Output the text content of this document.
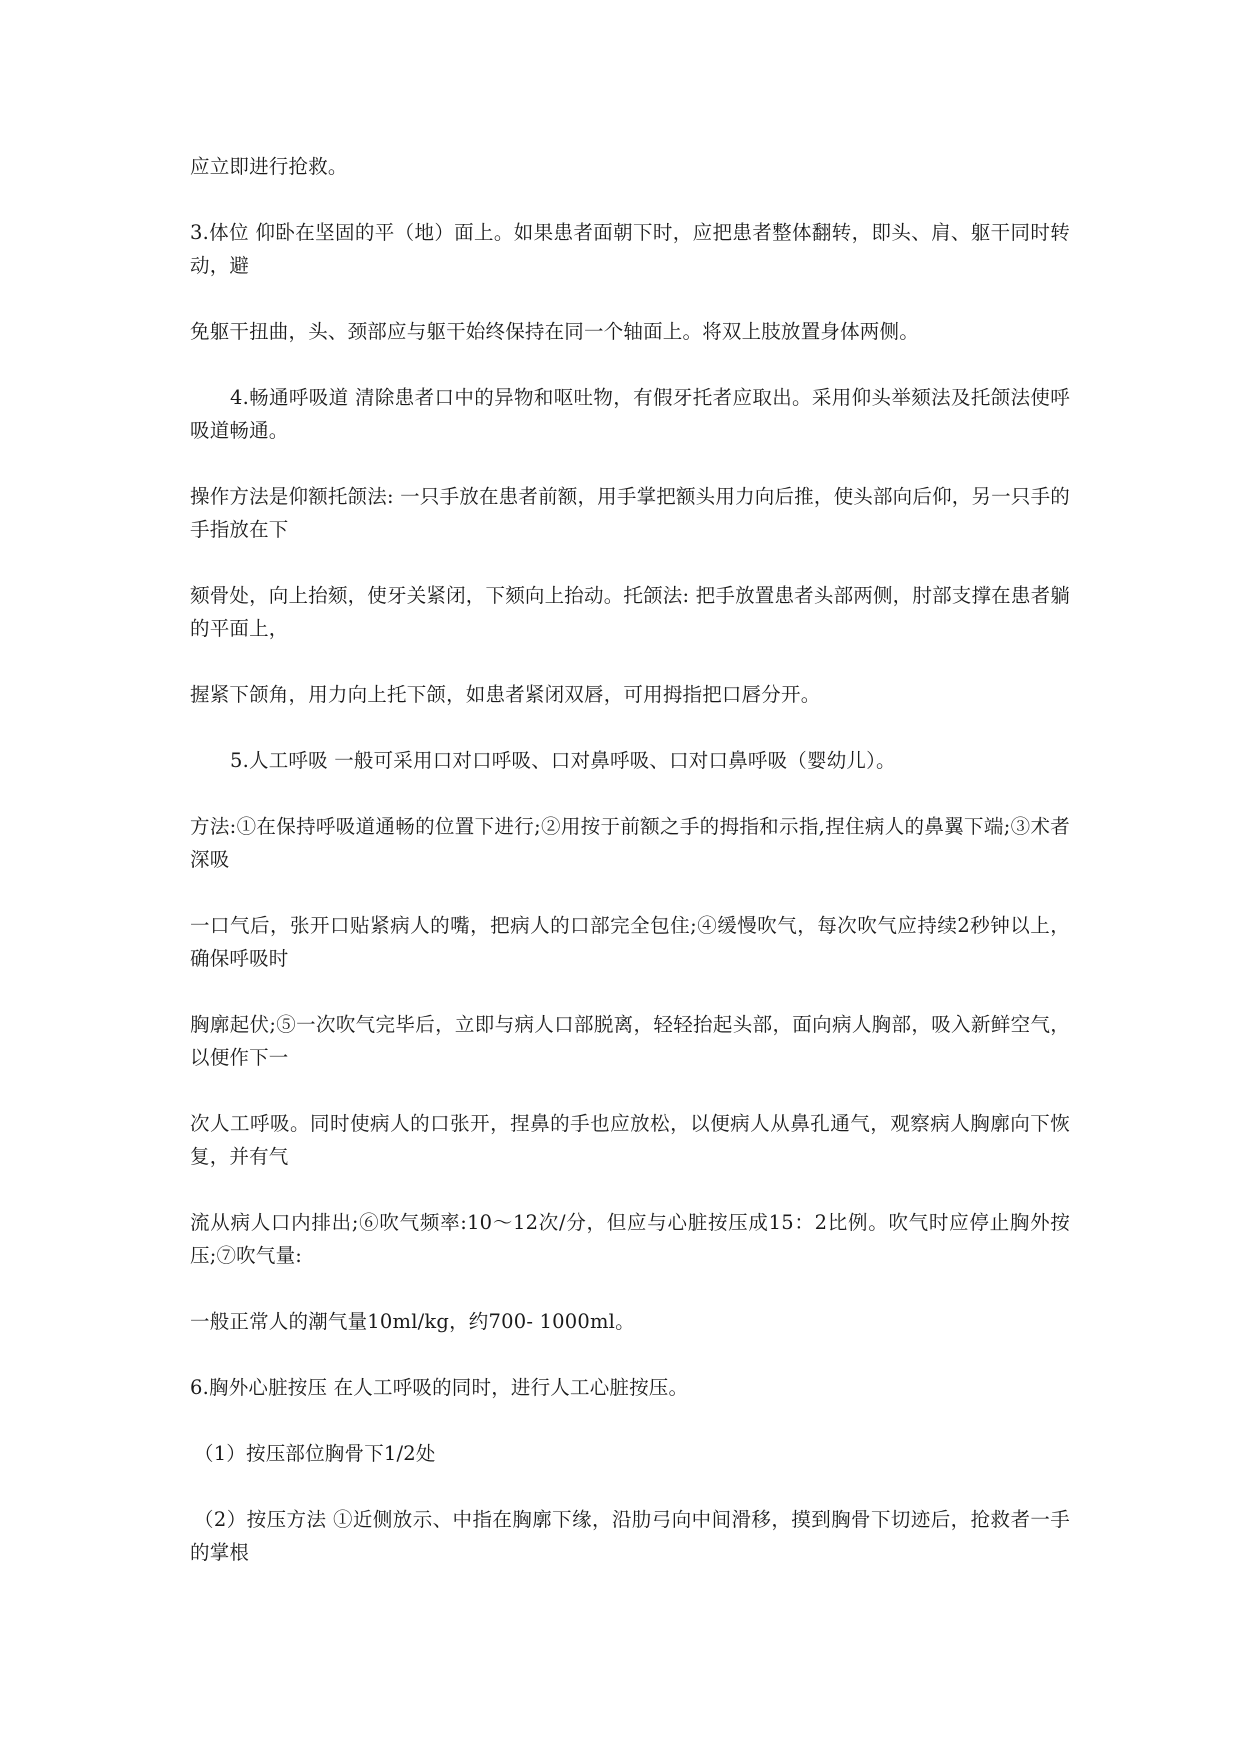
应立即进行抢救。

3.体位 仰卧在坚固的平（地）面上。如果患者面朝下时，应把患者整体翻转，即头、肩、躯干同时转动，避

免躯干扭曲，头、颈部应与躯干始终保持在同一个轴面上。将双上肢放置身体两侧。

4.畅通呼吸道 清除患者口中的异物和呕吐物，有假牙托者应取出。采用仰头举颏法及托颌法使呼吸道畅通。

操作方法是仰额托颌法: 一只手放在患者前额，用手掌把额头用力向后推，使头部向后仰，另一只手的手指放在下

颏骨处，向上抬颏，使牙关紧闭，下颏向上抬动。托颌法: 把手放置患者头部两侧，肘部支撑在患者躺的平面上，

握紧下颌角，用力向上托下颌，如患者紧闭双唇，可用拇指把口唇分开。

5.人工呼吸 一般可采用口对口呼吸、口对鼻呼吸、口对口鼻呼吸（婴幼儿）。

方法:①在保持呼吸道通畅的位置下进行;②用按于前额之手的拇指和示指,捏住病人的鼻翼下端;③术者深吸

一口气后，张开口贴紧病人的嘴，把病人的口部完全包住;④缓慢吹气，每次吹气应持续2秒钟以上，确保呼吸时

胸廓起伏;⑤一次吹气完毕后，立即与病人口部脱离，轻轻抬起头部，面向病人胸部，吸入新鲜空气，以便作下一

次人工呼吸。同时使病人的口张开，捏鼻的手也应放松，以便病人从鼻孔通气，观察病人胸廓向下恢复，并有气

流从病人口内排出;⑥吹气频率:10～12次/分，但应与心脏按压成15：2比例。吹气时应停止胸外按压;⑦吹气量:

一般正常人的潮气量10ml/kg，约700- 1000ml。

6.胸外心脏按压 在人工呼吸的同时，进行人工心脏按压。

（1）按压部位胸骨下1/2处

（2）按压方法 ①近侧放示、中指在胸廓下缘，沿肋弓向中间滑移，摸到胸骨下切迹后，抢救者一手的掌根
